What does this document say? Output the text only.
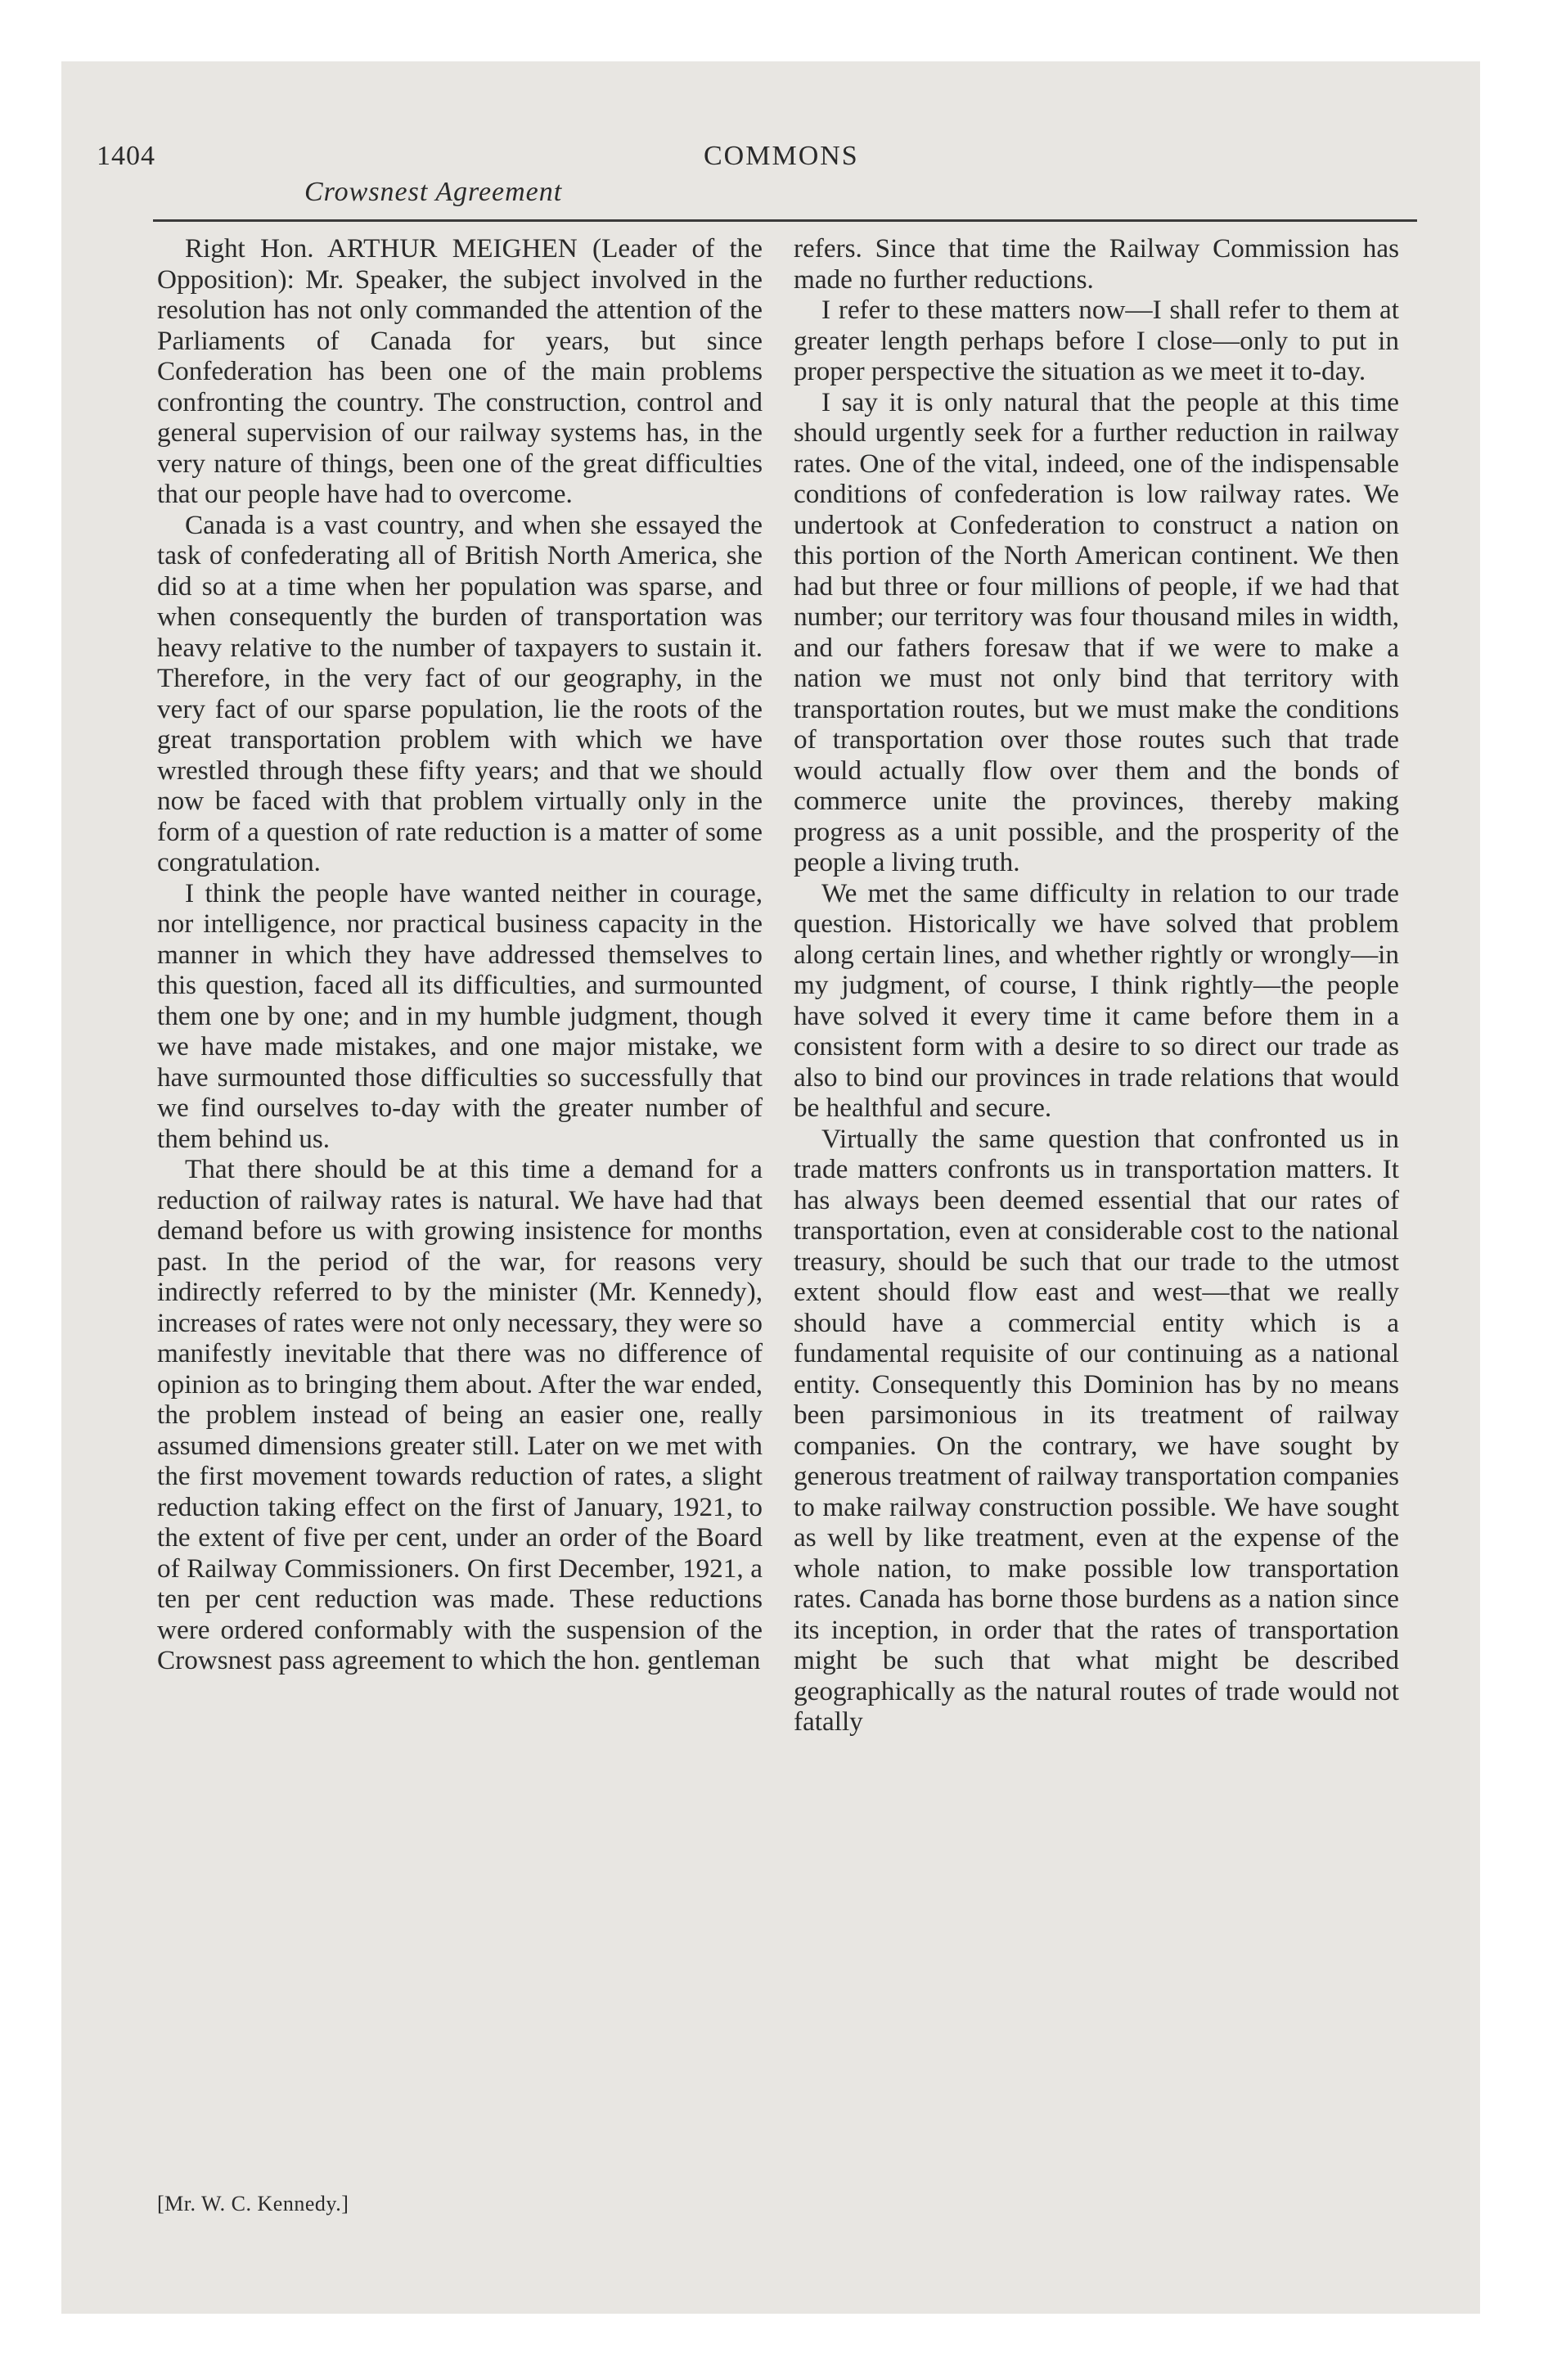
1404	COMMONS
Crowsnest Agreement

Right Hon. ARTHUR MEIGHEN (Leader of the Opposition): Mr. Speaker, the subject involved in the resolution has not only commanded the attention of the Parliaments of Canada for years, but since Confederation has been one of the main problems confronting the country. The construction, control and general supervision of our railway systems has, in the very nature of things, been one of the great difficulties that our people have had to overcome.

Canada is a vast country, and when she essayed the task of confederating all of British North America, she did so at a time when her population was sparse, and when consequently the burden of transportation was heavy relative to the number of taxpayers to sustain it. Therefore, in the very fact of our geography, in the very fact of our sparse population, lie the roots of the great transportation problem with which we have wrestled through these fifty years; and that we should now be faced with that problem virtually only in the form of a question of rate reduction is a matter of some congratulation.

I think the people have wanted neither in courage, nor intelligence, nor practical business capacity in the manner in which they have addressed themselves to this question, faced all its difficulties, and surmounted them one by one; and in my humble judgment, though we have made mistakes, and one major mistake, we have surmounted those difficulties so successfully that we find ourselves to-day with the greater number of them behind us.

That there should be at this time a demand for a reduction of railway rates is natural. We have had that demand before us with growing insistence for months past. In the period of the war, for reasons very indirectly referred to by the minister (Mr. Kennedy), increases of rates were not only necessary, they were so manifestly inevitable that there was no difference of opinion as to bringing them about. After the war ended, the problem instead of being an easier one, really assumed dimensions greater still. Later on we met with the first movement towards reduction of rates, a slight reduction taking effect on the first of January, 1921, to the extent of five per cent, under an order of the Board of Railway Commissioners. On first December, 1921, a ten per cent reduction was made. These reductions were ordered conformably with the suspension of the Crowsnest pass agreement to which the hon. gentleman

refers. Since that time the Railway Commission has made no further reductions.

I refer to these matters now—I shall refer to them at greater length perhaps before I close—only to put in proper perspective the situation as we meet it to-day.

I say it is only natural that the people at this time should urgently seek for a further reduction in railway rates. One of the vital, indeed, one of the indispensable conditions of confederation is low railway rates. We undertook at Confederation to construct a nation on this portion of the North American continent. We then had but three or four millions of people, if we had that number; our territory was four thousand miles in width, and our fathers foresaw that if we were to make a nation we must not only bind that territory with transportation routes, but we must make the conditions of transportation over those routes such that trade would actually flow over them and the bonds of commerce unite the provinces, thereby making progress as a unit possible, and the prosperity of the people a living truth.

We met the same difficulty in relation to our trade question. Historically we have solved that problem along certain lines, and whether rightly or wrongly—in my judgment, of course, I think rightly—the people have solved it every time it came before them in a consistent form with a desire to so direct our trade as also to bind our provinces in trade relations that would be healthful and secure.

Virtually the same question that confronted us in trade matters confronts us in transportation matters. It has always been deemed essential that our rates of transportation, even at considerable cost to the national treasury, should be such that our trade to the utmost extent should flow east and west—that we really should have a commercial entity which is a fundamental requisite of our continuing as a national entity. Consequently this Dominion has by no means been parsimonious in its treatment of railway companies. On the contrary, we have sought by generous treatment of railway transportation companies to make railway construction possible. We have sought as well by like treatment, even at the expense of the whole nation, to make possible low transportation rates. Canada has borne those burdens as a nation since its inception, in order that the rates of transportation might be such that what might be described geographically as the natural routes of trade would not fatally

[Mr. W. C. Kennedy.]
